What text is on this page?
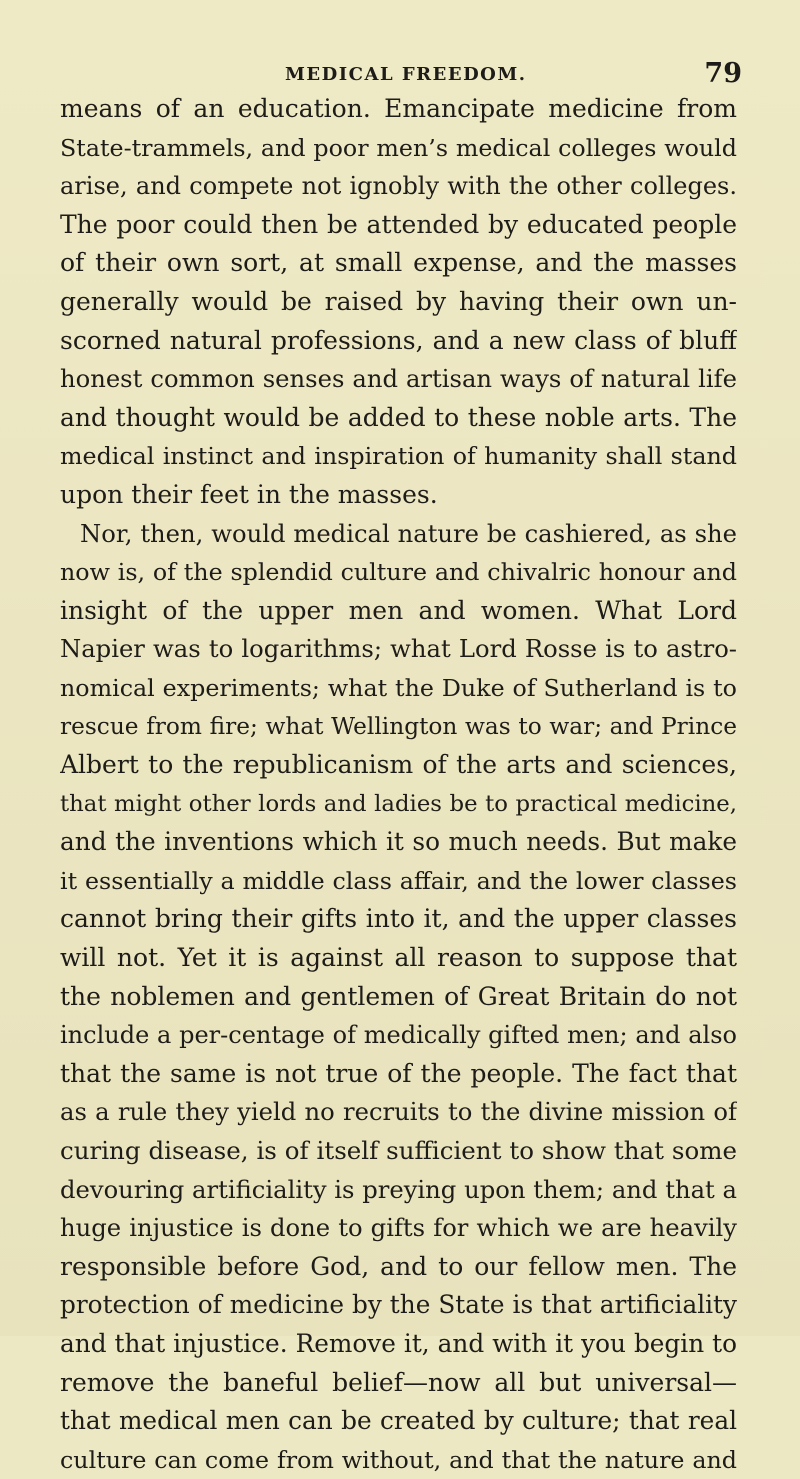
MEDICAL FREEDOM.	79
means of an education. Emancipate medicine from
State-trammels, and poor men’s medical colleges would
arise, and compete not ignobly with the other colleges.
The poor could then be attended by educated people
of their own sort, at small expense, and the masses
generally would be raised by having their own un-
scorned natural professions, and a new class of bluff
honest common senses and artisan ways of natural life
and thought would be added to these noble arts. The
medical instinct and inspiration of humanity shall stand
upon their feet in the masses.
Nor, then, would medical nature be cashiered, as she
now is, of the splendid culture and chivalric honour and
insight of the upper men and women. What Lord
Napier was to logarithms; what Lord Rosse is to astro-
nomical experiments; what the Duke of Sutherland is to
rescue from fire; what Wellington was to war; and Prince
Albert to the republicanism of the arts and sciences,
that might other lords and ladies be to practical medicine,
and the inventions which it so much needs. But make
it essentially a middle class affair, and the lower classes
cannot bring their gifts into it, and the upper classes
will not. Yet it is against all reason to suppose that
the noblemen and gentlemen of Great Britain do not
include a per-centage of medically gifted men; and also
that the same is not true of the people. The fact that
as a rule they yield no recruits to the divine mission of
curing disease, is of itself sufficient to show that some
devouring artificiality is preying upon them; and that a
huge injustice is done to gifts for which we are heavily
responsible before God, and to our fellow men. The
protection of medicine by the State is that artificiality
and that injustice. Remove it, and with it you begin to
remove the baneful belief—now all but universal—
that medical men can be created by culture; that real
culture can come from without, and that the nature and
